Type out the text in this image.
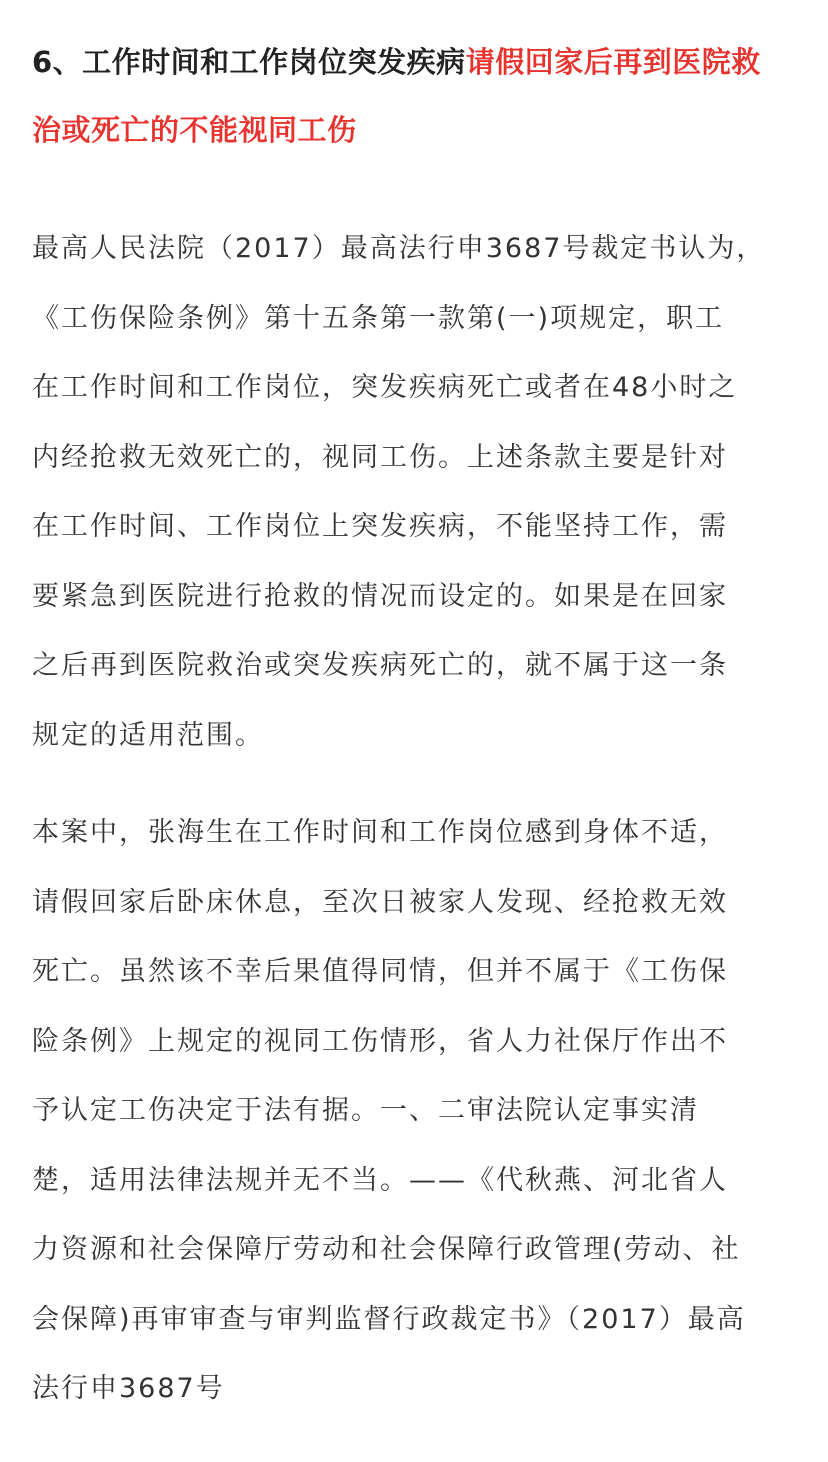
6、工作时间和工作岗位突发疾病请假回家后再到医院救
治或死亡的不能视同工伤

最高人民法院（2017）最高法行申3687号裁定书认为，
《工伤保险条例》第十五条第一款第(一)项规定，职工
在工作时间和工作岗位，突发疾病死亡或者在48小时之
内经抢救无效死亡的，视同工伤。上述条款主要是针对
在工作时间、工作岗位上突发疾病，不能坚持工作，需
要紧急到医院进行抢救的情况而设定的。如果是在回家
之后再到医院救治或突发疾病死亡的，就不属于这一条
规定的适用范围。

本案中，张海生在工作时间和工作岗位感到身体不适，
请假回家后卧床休息，至次日被家人发现、经抢救无效
死亡。虽然该不幸后果值得同情，但并不属于《工伤保
险条例》上规定的视同工伤情形，省人力社保厅作出不
予认定工伤决定于法有据。一、二审法院认定事实清
楚，适用法律法规并无不当。——《代秋燕、河北省人
力资源和社会保障厅劳动和社会保障行政管理(劳动、社
会保障)再审审查与审判监督行政裁定书》（2017）最高
法行申3687号
